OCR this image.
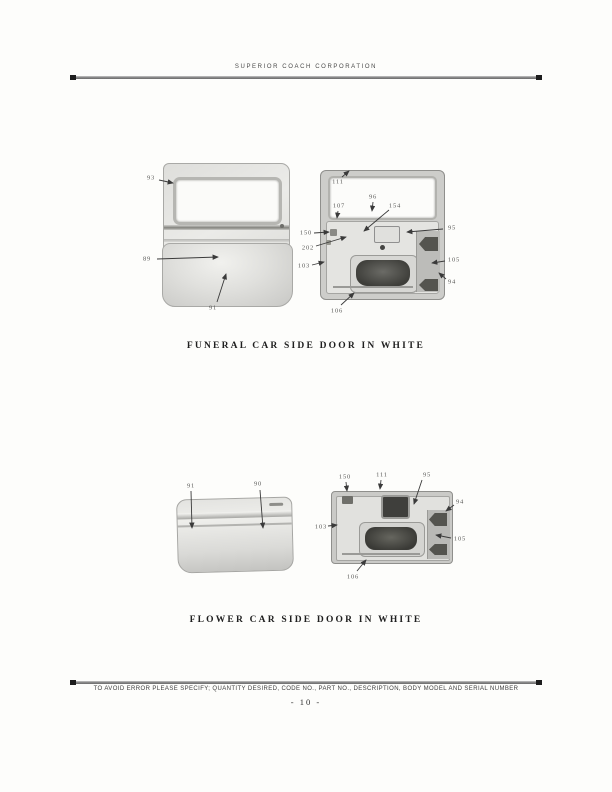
SUPERIOR COACH CORPORATION
93
89
91
111
96
107	154
150
202
95
103
105
94
106
FUNERAL CAR SIDE DOOR IN WHITE
91	90
150	111	95
94
103
105
106
FLOWER CAR SIDE DOOR IN WHITE
TO AVOID ERROR PLEASE SPECIFY; QUANTITY DESIRED, CODE NO., PART NO., DESCRIPTION, BODY MODEL AND SERIAL NUMBER
- 10 -
